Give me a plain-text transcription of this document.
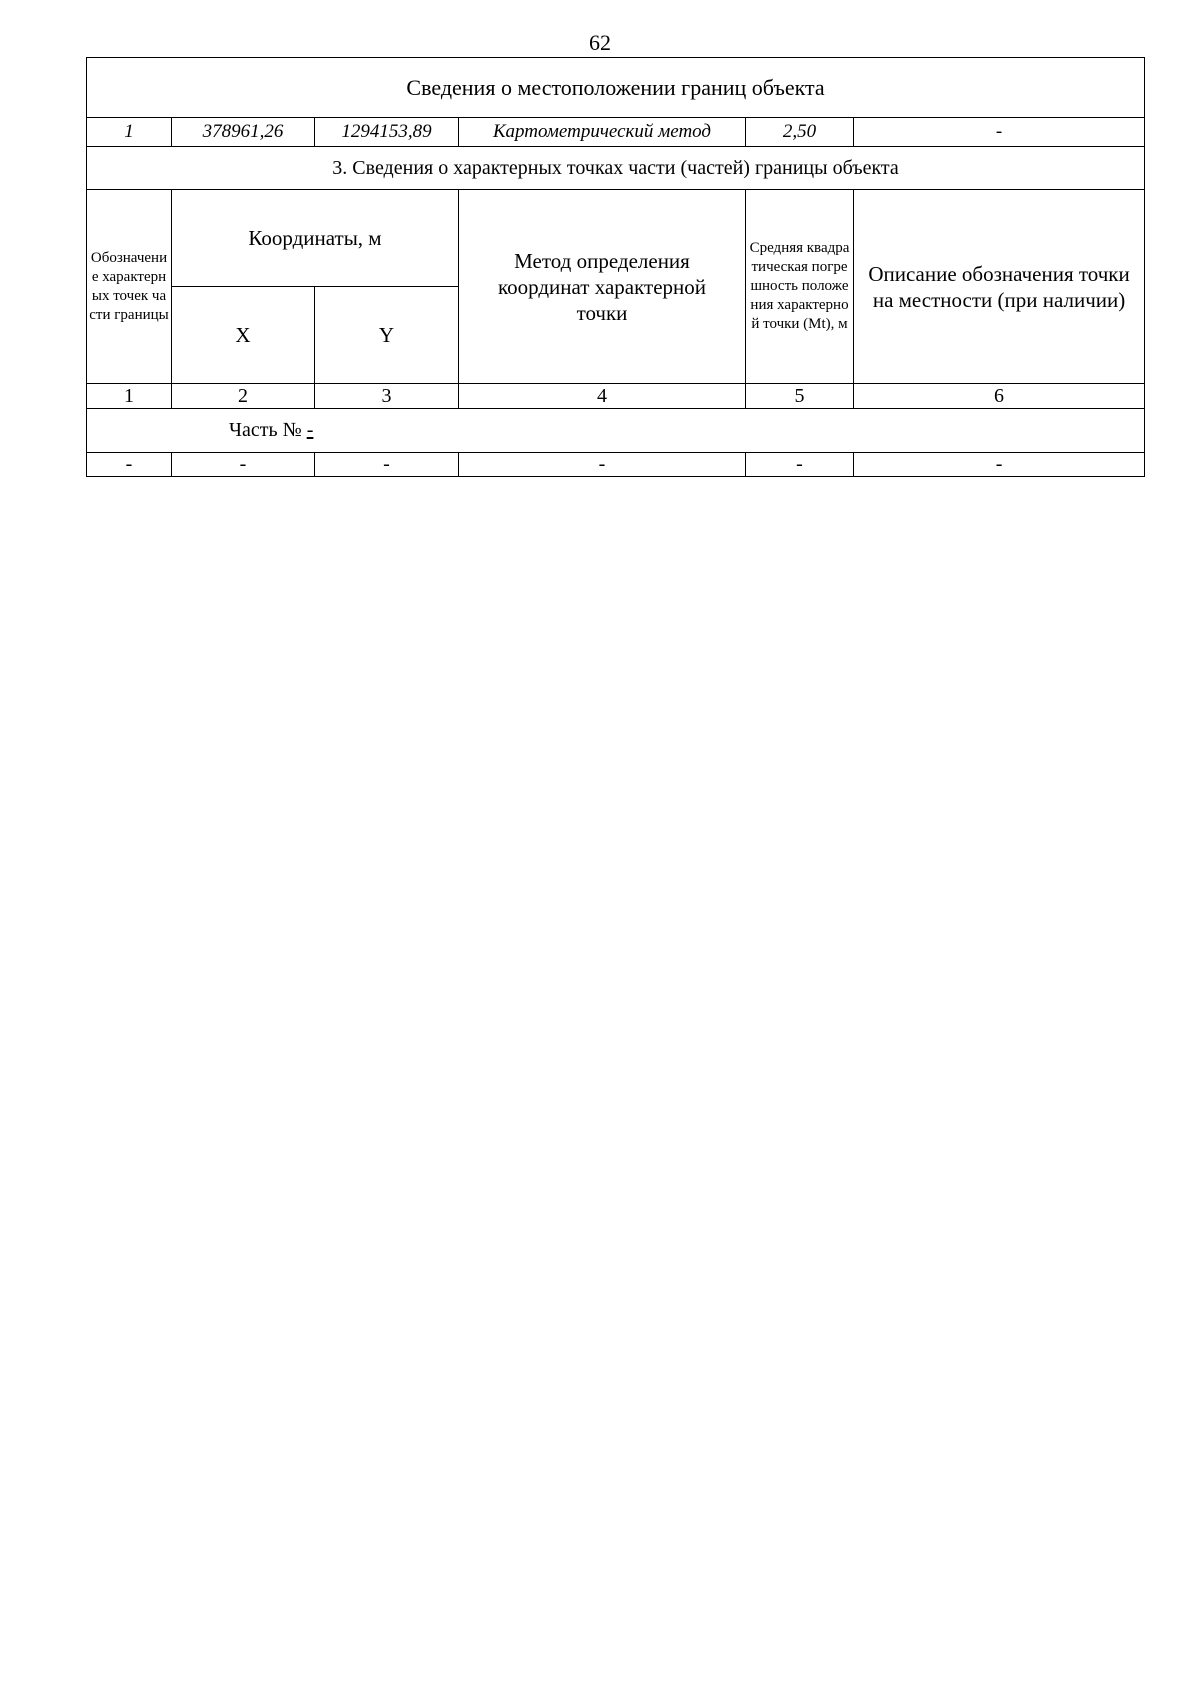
62
Сведения о местоположении границ объекта					
1	378961,26	1294153,89	Картометрический метод	2,50	-
3. Сведения о характерных точках части (частей) границы объекта					
Обозначение характерных точек части границы	Координаты, м		Метод определения координат характерной точки	Средняя квадратическая погрешность положения характерной точки (Mt), м	Описание обозначения точки на местности (при наличии)
	X	Y			
1	2	3	4	5	6

Часть № -					

-	-	-	-	-	-
